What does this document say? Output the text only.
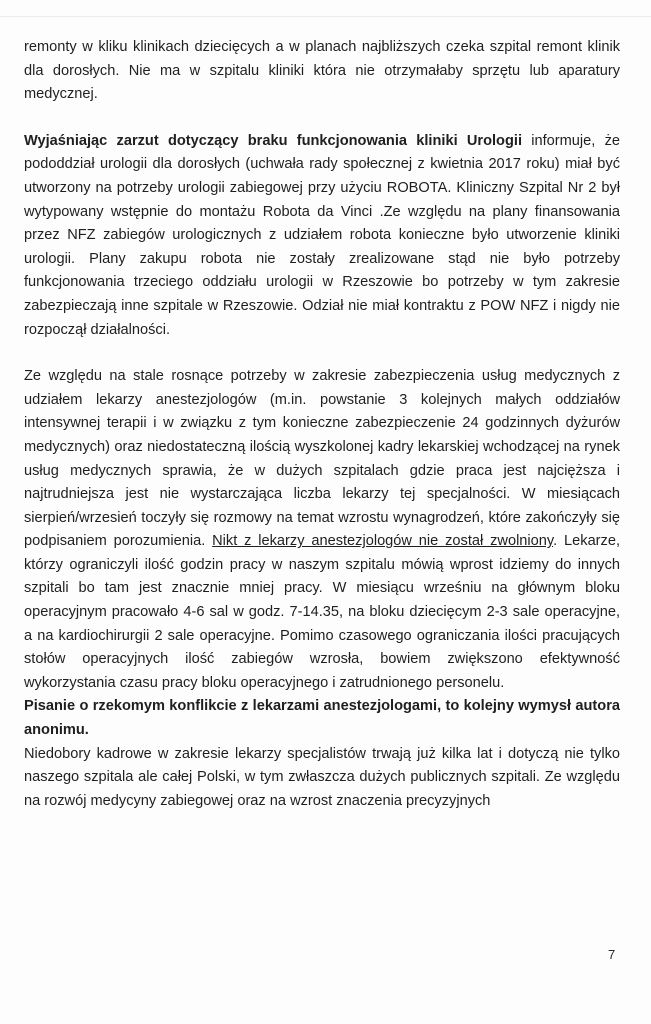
remonty w kliku klinikach dziecięcych a w planach najbliższych czeka szpital remont klinik dla dorosłych. Nie ma w szpitalu kliniki która nie otrzymałaby sprzętu lub aparatury medycznej.

Wyjaśniając zarzut dotyczący braku funkcjonowania kliniki Urologii informuje, że pododdział urologii dla dorosłych (uchwała rady społecznej z kwietnia 2017 roku) miał być utworzony na potrzeby urologii zabiegowej przy użyciu ROBOTA. Kliniczny Szpital Nr 2 był wytypowany wstępnie do montażu Robota da Vinci .Ze względu na plany finansowania przez NFZ zabiegów urologicznych z udziałem robota konieczne było utworzenie kliniki urologii. Plany zakupu robota nie zostały zrealizowane stąd nie było potrzeby funkcjonowania trzeciego oddziału urologii w Rzeszowie bo potrzeby w tym zakresie zabezpieczają inne szpitale w Rzeszowie. Odział nie miał kontraktu z POW NFZ i nigdy nie rozpoczął działalności.

Ze względu na stale rosnące potrzeby w zakresie zabezpieczenia usług medycznych z udziałem lekarzy anestezjologów (m.in. powstanie 3 kolejnych małych oddziałów intensywnej terapii i w związku z tym konieczne zabezpieczenie 24 godzinnych dyżurów medycznych) oraz niedostateczną ilością wyszkolonej kadry lekarskiej wchodzącej na rynek usług medycznych sprawia, że w dużych szpitalach gdzie praca jest najcięższa i najtrudniejsza jest nie wystarczająca liczba lekarzy tej specjalności. W miesiącach sierpień/wrzesień toczyły się rozmowy na temat wzrostu wynagrodzeń, które zakończyły się podpisaniem porozumienia. Nikt z lekarzy anestezjologów nie został zwolniony. Lekarze, którzy ograniczyli ilość godzin pracy w naszym szpitalu mówią wprost idziemy do innych szpitali bo tam jest znacznie mniej pracy. W miesiącu wrześniu na głównym bloku operacyjnym pracowało 4-6 sal w godz. 7-14.35, na bloku dziecięcym 2-3 sale operacyjne, a na kardiochirurgii 2 sale operacyjne. Pomimo czasowego ograniczania ilości pracujących stołów operacyjnych ilość zabiegów wzrosła, bowiem zwiększono efektywność wykorzystania czasu pracy bloku operacyjnego i zatrudnionego personelu.

Pisanie o rzekomym konflikcie z lekarzami anestezjologami, to kolejny wymysł autora anonimu.

Niedobory kadrowe w zakresie lekarzy specjalistów trwają już kilka lat i dotyczą nie tylko naszego szpitala ale całej Polski, w tym zwłaszcza dużych publicznych szpitali. Ze względu na rozwój medycyny zabiegowej oraz na wzrost znaczenia precyzyjnych

7
